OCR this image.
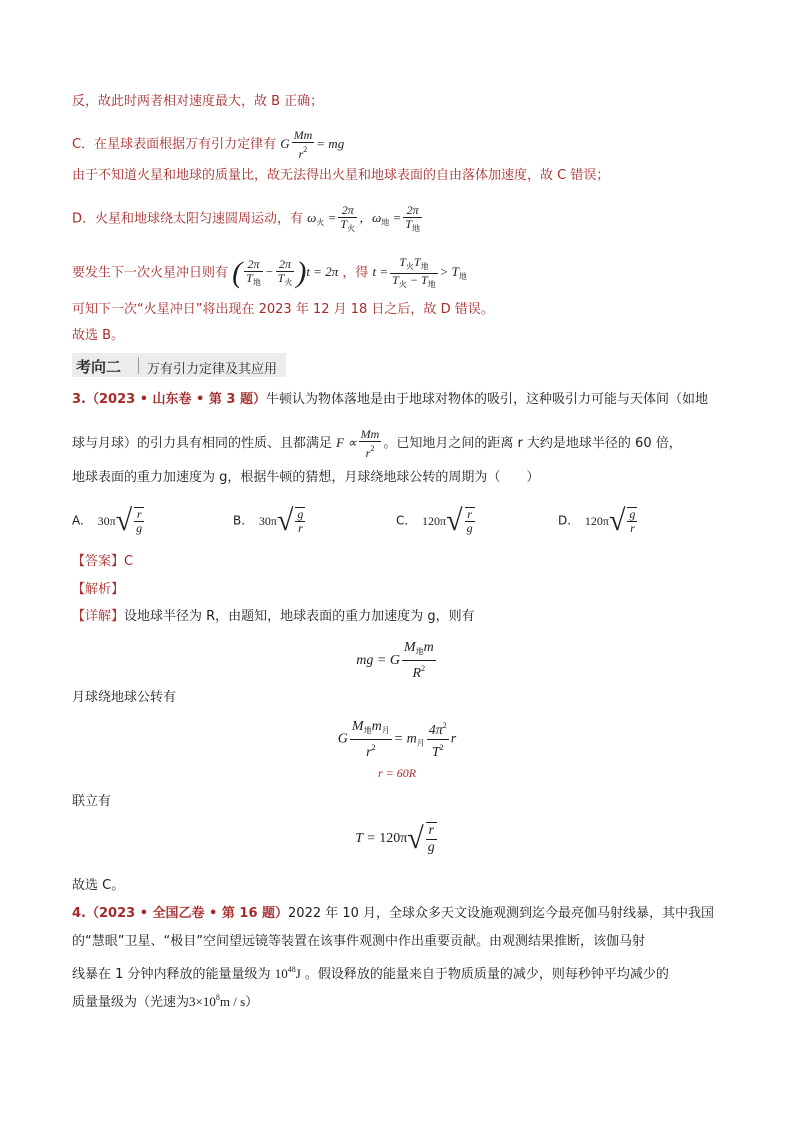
反，故此时两者相对速度最大，故 B 正确；
C．在星球表面根据万有引力定律有 G $\frac{Mm}{r^2}$ = mg
由于不知道火星和地球的质量比，故无法得出火星和地球表面的自由落体加速度，故 C 错误；
D．火星和地球绕太阳匀速圆周运动，有 $\omega_火 = \frac{2\pi}{T_火}$ ，$\omega_地 = \frac{2\pi}{T_地}$
要发生下一次火星冲日则有 ( $\frac{2\pi}{T_地} - \frac{2\pi}{T_火} )t = 2\pi$ ，得 $t = \frac{T_火T_地}{T_火 - T_地} > T_地$
可知下一次“火星冲日”将出现在 2023 年 12 月 18 日之后，故 D 错误。
故选 B。
考向二 万有引力定律及其应用
3.（2023 • 山东卷 • 第 3 题）牛顿认为物体落地是由于地球对物体的吸引，这种吸引力可能与天体间（如地
球与月球）的引力具有相同的性质、且都满足 $F \propto \frac{Mm}{r^2}$ 。已知地月之间的距离 r 大约是地球半径的 60 倍，
地球表面的重力加速度为 g，根据牛顿的猜想，月球绕地球公转的周期为（　　）
A. $30\pi√ \frac{r}{g}$	B. $30\pi√ \frac{g}{r}$	C. $120\pi√ \frac{r}{g}$	D. $120\pi√ \frac{g}{r}$
【答案】C
【解析】
【详解】设地球半径为 R，由题知，地球表面的重力加速度为 g，则有
mg = G $\frac{M_地m}{R^2}$
月球绕地球公转有
G $\frac{M_地m_月}{r^2} = m_月 \frac{4\pi^2}{T^2}$ r
r = 60R
联立有
$T = 120\pi√ \frac{r}{g}$
故选 C。
4.（2023 • 全国乙卷 • 第 16 题）2022 年 10 月，全球众多天文设施观测到迄今最亮伽马射线暴，其中我国
的“慧眼”卫星、“极目”空间望远镜等装置在该事件观测中作出重要贡献。由观测结果推断，该伽马射
线暴在 1 分钟内释放的能量量级为 $10^{48}J$ 。假设释放的能量来自于物质质量的减少，则每秒钟平均减少的
质量量级为（光速为$3\times 10^8m / s$）
